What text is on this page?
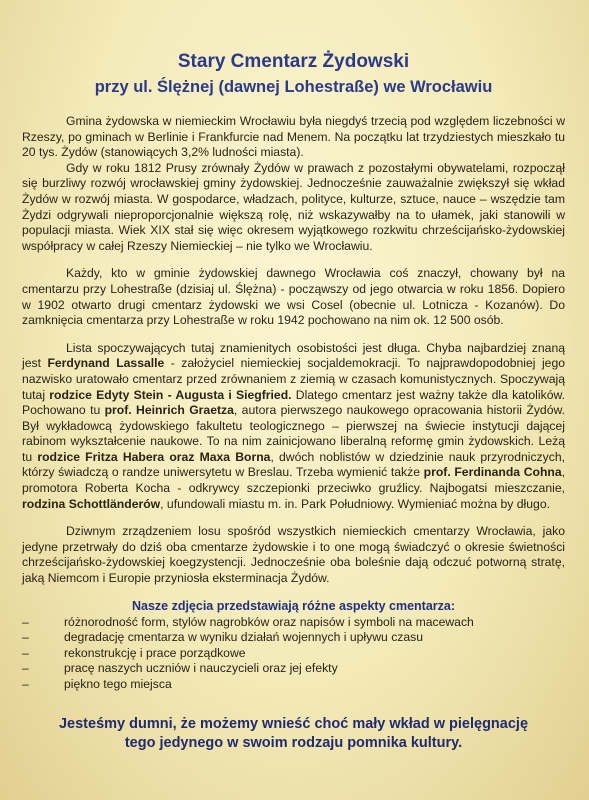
Stary Cmentarz Żydowski
przy ul. Ślężnej (dawnej Lohestraße) we Wrocławiu

Gmina żydowska w niemieckim Wrocławiu była niegdyś trzecią pod względem liczebności w Rzeszy, po gminach w Berlinie i Frankfurcie nad Menem. Na początku lat trzydziestych mieszkało tu 20 tys. Żydów (stanowiących 3,2% ludności miasta).

Gdy w roku 1812 Prusy zrównały Żydów w prawach z pozostałymi obywatelami, rozpoczął się burzliwy rozwój wrocławskiej gminy żydowskiej. Jednocześnie zauważalnie zwiększył się wkład Żydów w rozwój miasta. W gospodarce, władzach, polityce, kulturze, sztuce, nauce – wszędzie tam Żydzi odgrywali nieproporcjonalnie większą rolę, niż wskazywałby na to ułamek, jaki stanowili w populacji miasta. Wiek XIX stał się więc okresem wyjątkowego rozkwitu chrześcijańsko-żydowskiej współpracy w całej Rzeszy Niemieckiej – nie tylko we Wrocławiu.

Każdy, kto w gminie żydowskiej dawnego Wrocławia coś znaczył, chowany był na cmentarzu przy Lohestraße (dzisiaj ul. Ślężna) - począwszy od jego otwarcia w roku 1856. Dopiero w 1902 otwarto drugi cmentarz żydowski we wsi Cosel (obecnie ul. Lotnicza - Kozanów). Do zamknięcia cmentarza przy Lohestraße w roku 1942 pochowano na nim ok. 12 500 osób.

Lista spoczywających tutaj znamienitych osobistości jest długa. Chyba najbardziej znaną jest Ferdynand Lassalle - założyciel niemieckiej socjaldemokracji. To najprawdopodobniej jego nazwisko uratowało cmentarz przed zrównaniem z ziemią w czasach komunistycznych. Spoczywają tutaj rodzice Edyty Stein - Augusta i Siegfried. Dlatego cmentarz jest ważny także dla katolików. Pochowano tu prof. Heinrich Graetza, autora pierwszego naukowego opracowania historii Żydów. Był wykładowcą żydowskiego fakultetu teologicznego – pierwszej na świecie instytucji dającej rabinom wykształcenie naukowe. To na nim zainicjowano liberalną reformę gmin żydowskich. Leżą tu rodzice Fritza Habera oraz Maxa Borna, dwóch noblistów w dziedzinie nauk przyrodniczych, którzy świadczą o randze uniwersytetu w Breslau. Trzeba wymienić także prof. Ferdinanda Cohna, promotora Roberta Kocha - odkrywcy szczepionki przeciwko gruźlicy. Najbogatsi mieszczanie, rodzina Schottländerów, ufundowali miastu m. in. Park Południowy. Wymieniać można by długo.

Dziwnym zrządzeniem losu spośród wszystkich niemieckich cmentarzy Wrocławia, jako jedyne przetrwały do dziś oba cmentarze żydowskie i to one mogą świadczyć o okresie świetności chrześcijańsko-żydowskiej koegzystencji. Jednocześnie oba boleśnie dają odczuć potworną stratę, jaką Niemcom i Europie przyniosła eksterminacja Żydów.

Nasze zdjęcia przedstawiają różne aspekty cmentarza:
– różnorodność form, stylów nagrobków oraz napisów i symboli na macewach
– degradację cmentarza w wyniku działań wojennych i upływu czasu
– rekonstrukcję i prace porządkowe
– pracę naszych uczniów i nauczycieli oraz jej efekty
– piękno tego miejsca
Jesteśmy dumni, że możemy wnieść choć mały wkład w pielęgnację
tego jedynego w swoim rodzaju pomnika kultury.
